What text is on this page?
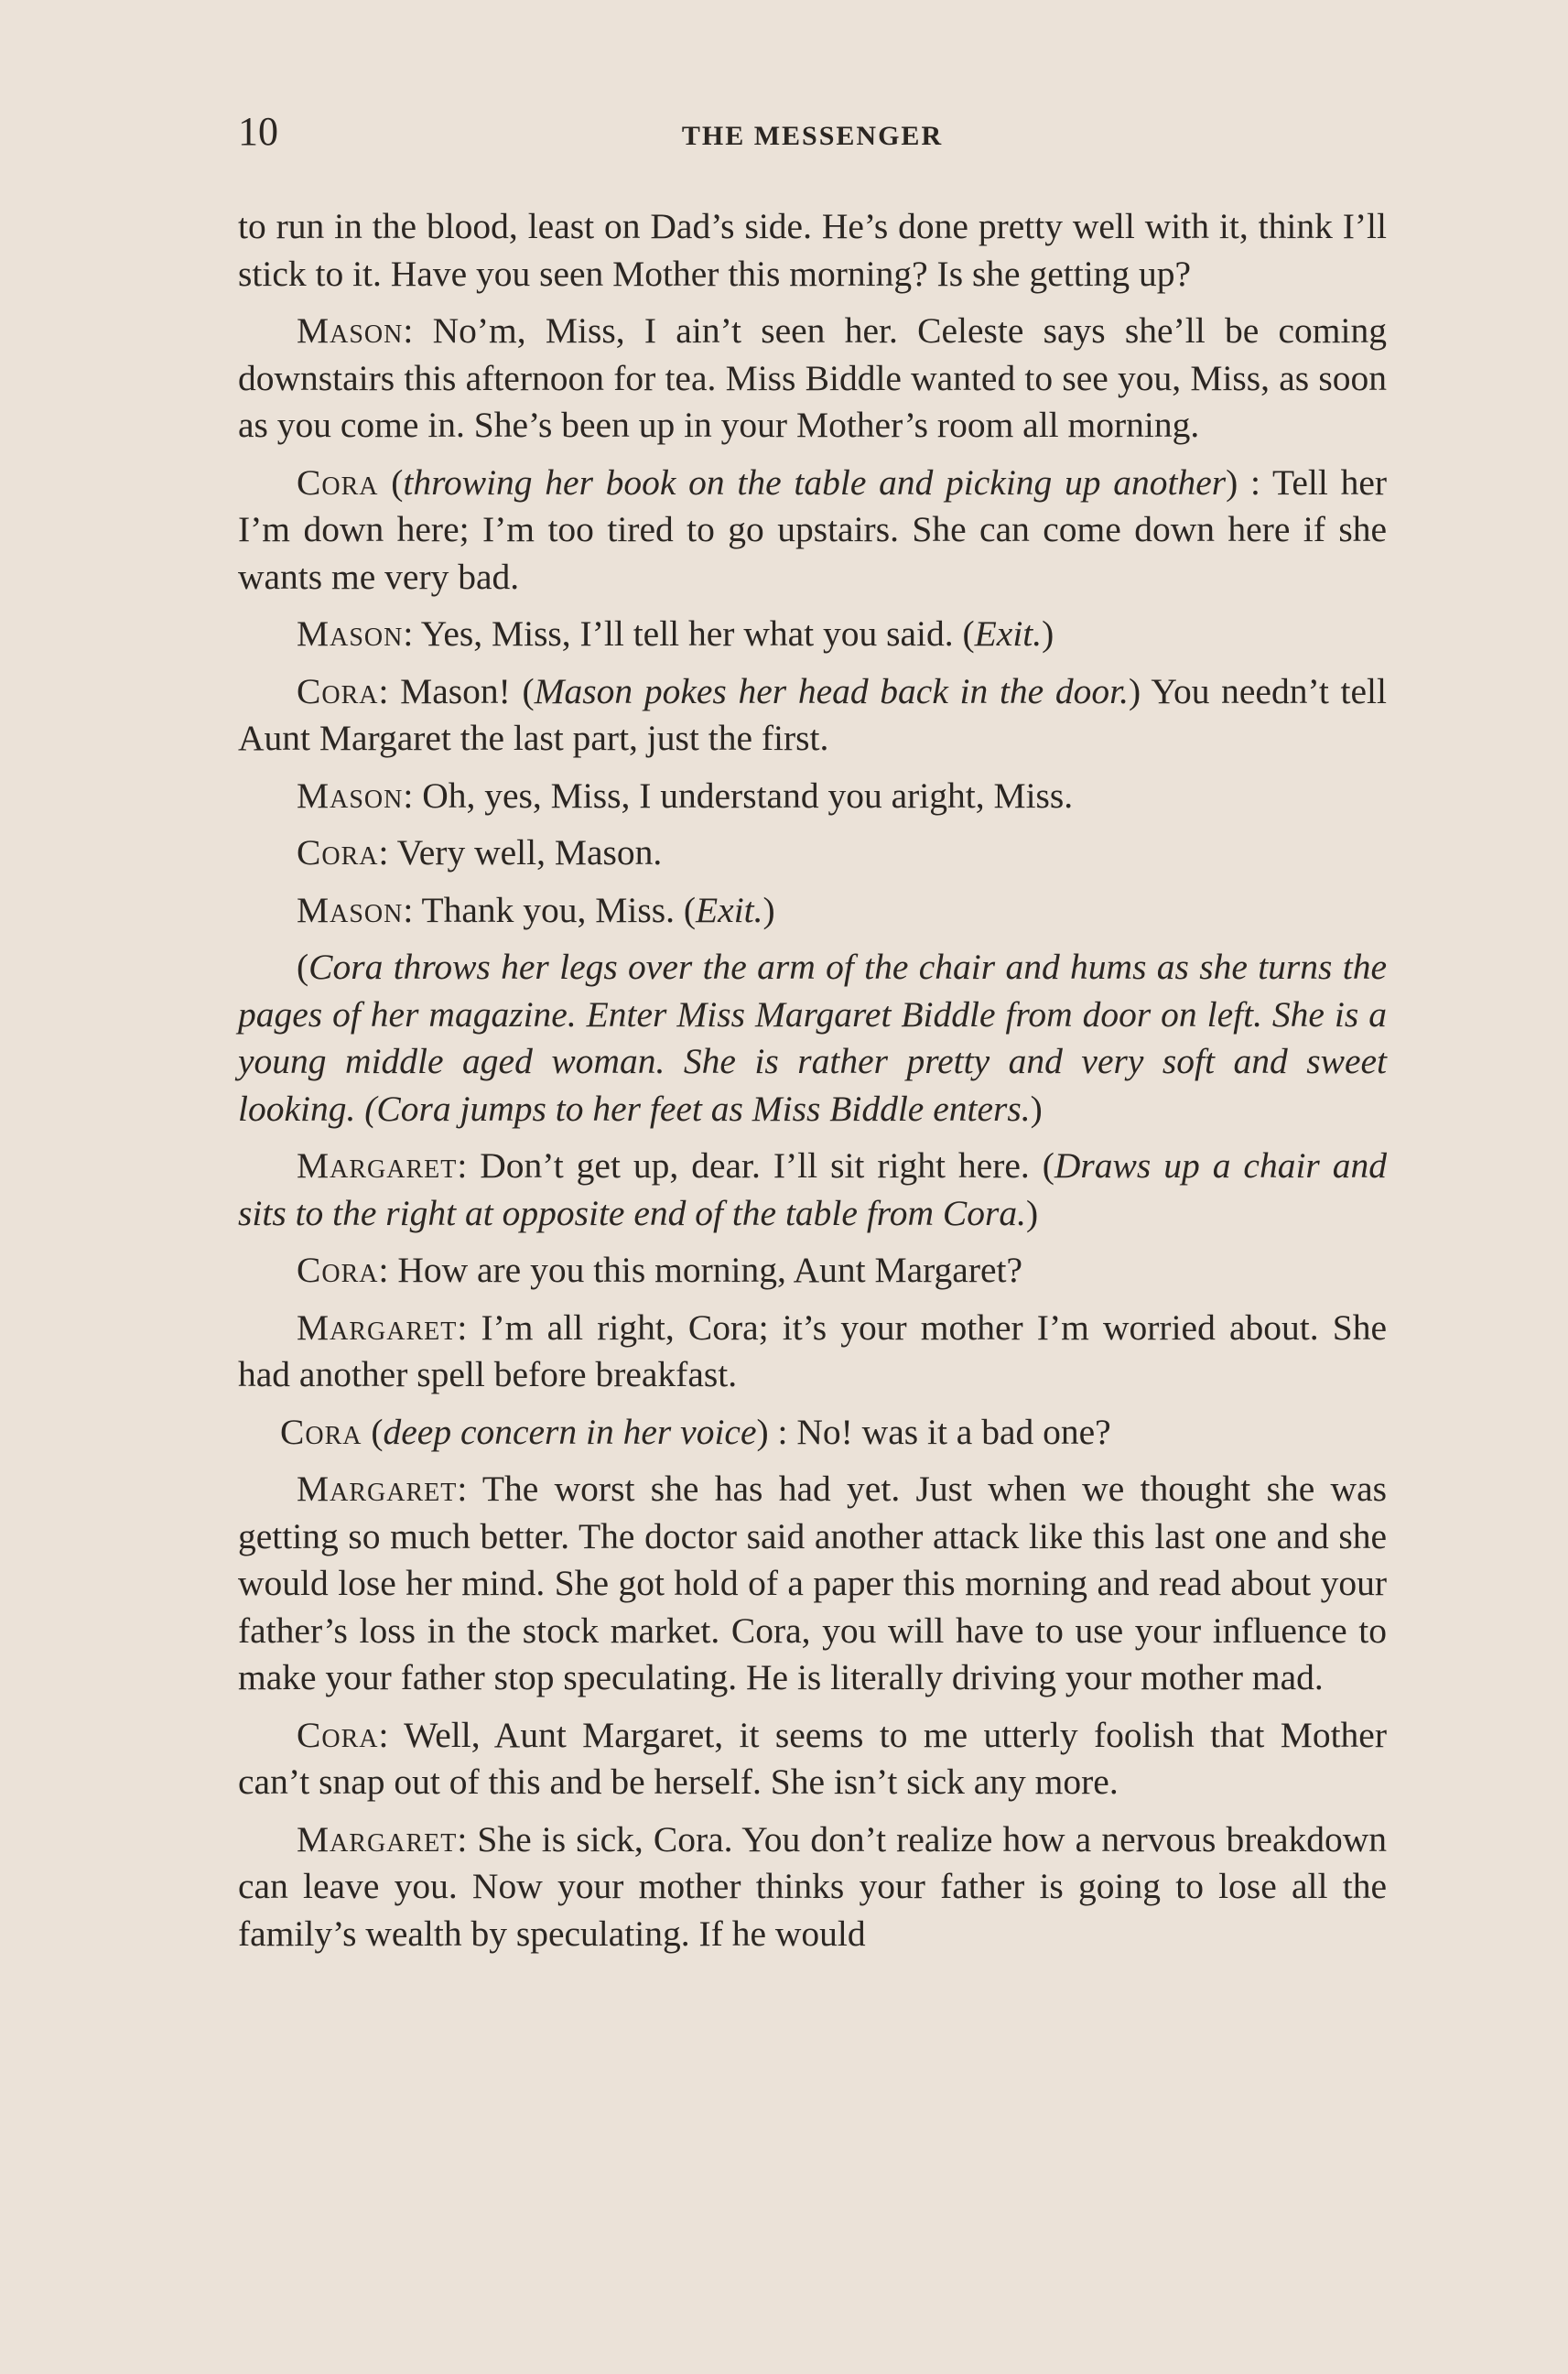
10	THE MESSENGER

to run in the blood, least on Dad’s side. He’s done pretty well with it, think I’ll stick to it. Have you seen Mother this morning? Is she getting up?

Mason: No’m, Miss, I ain’t seen her. Celeste says she’ll be coming downstairs this afternoon for tea. Miss Biddle wanted to see you, Miss, as soon as you come in. She’s been up in your Mother’s room all morning.

Cora (throwing her book on the table and picking up another) : Tell her I’m down here; I’m too tired to go upstairs. She can come down here if she wants me very bad.

Mason: Yes, Miss, I’ll tell her what you said. (Exit.)

Cora: Mason! (Mason pokes her head back in the door.) You needn’t tell Aunt Margaret the last part, just the first.

Mason: Oh, yes, Miss, I understand you aright, Miss.

Cora: Very well, Mason.

Mason: Thank you, Miss. (Exit.)

(Cora throws her legs over the arm of the chair and hums as she turns the pages of her magazine. Enter Miss Margaret Biddle from door on left. She is a young middle aged woman. She is rather pretty and very soft and sweet looking. (Cora jumps to her feet as Miss Biddle enters.)

Margaret: Don’t get up, dear. I’ll sit right here. (Draws up a chair and sits to the right at opposite end of the table from Cora.)

Cora: How are you this morning, Aunt Margaret?

Margaret: I’m all right, Cora; it’s your mother I’m worried about. She had another spell before breakfast.

Cora (deep concern in her voice) : No! was it a bad one?

Margaret: The worst she has had yet. Just when we thought she was getting so much better. The doctor said another attack like this last one and she would lose her mind. She got hold of a paper this morning and read about your father’s loss in the stock market. Cora, you will have to use your influence to make your father stop speculating. He is literally driving your mother mad.

Cora: Well, Aunt Margaret, it seems to me utterly foolish that Mother can’t snap out of this and be herself. She isn’t sick any more.

Margaret: She is sick, Cora. You don’t realize how a nervous breakdown can leave you. Now your mother thinks your father is going to lose all the family’s wealth by speculating. If he would
